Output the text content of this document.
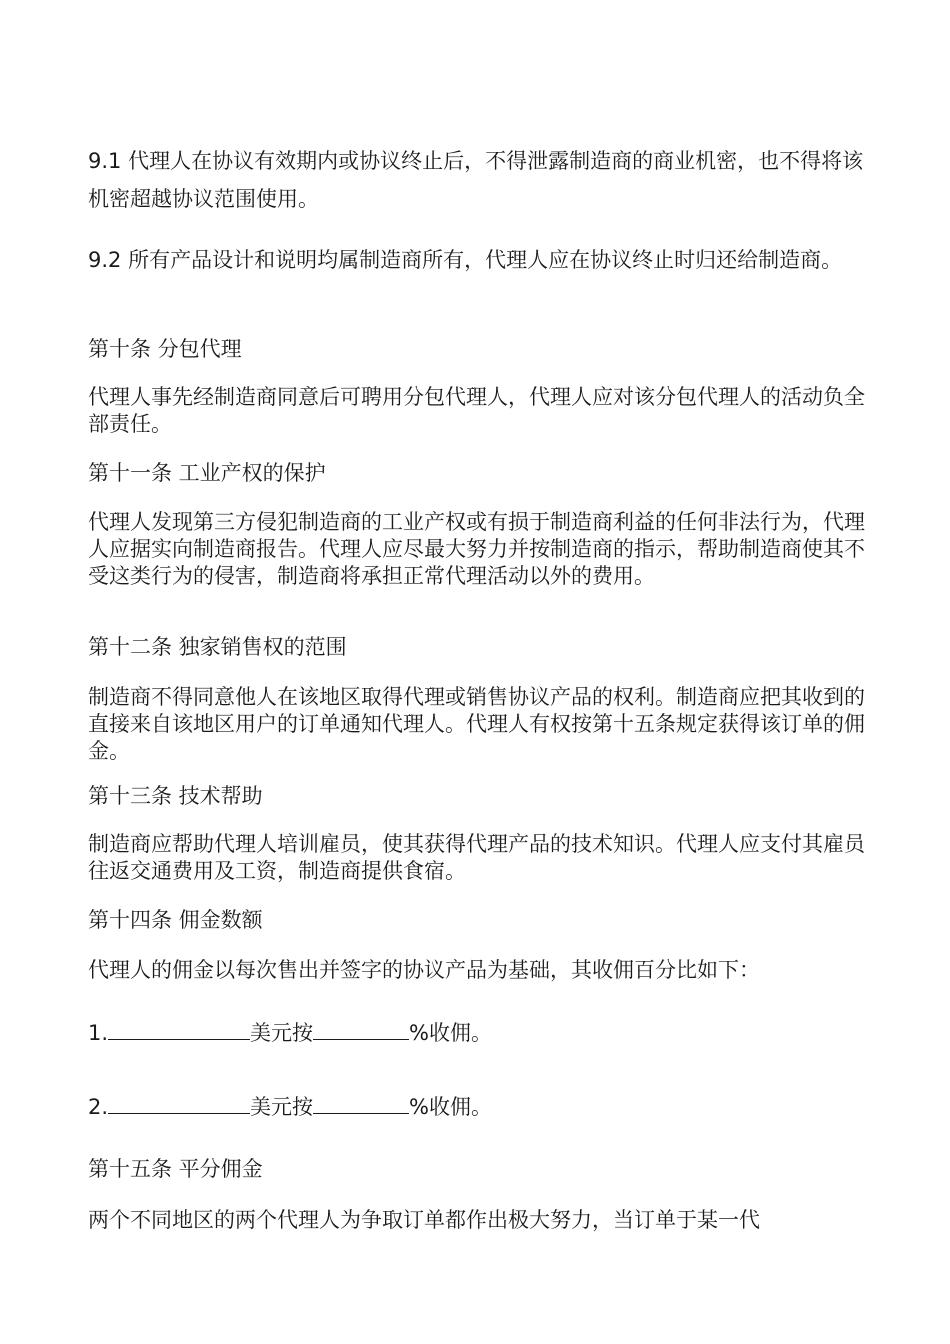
9.1 代理人在协议有效期内或协议终止后，不得泄露制造商的商业机密，也不得将该机密超越协议范围使用。

9.2 所有产品设计和说明均属制造商所有，代理人应在协议终止时归还给制造商。

第十条 分包代理

代理人事先经制造商同意后可聘用分包代理人，代理人应对该分包代理人的活动负全部责任。

第十一条 工业产权的保护

代理人发现第三方侵犯制造商的工业产权或有损于制造商利益的任何非法行为，代理人应据实向制造商报告。代理人应尽最大努力并按制造商的指示，帮助制造商使其不受这类行为的侵害，制造商将承担正常代理活动以外的费用。

第十二条 独家销售权的范围

制造商不得同意他人在该地区取得代理或销售协议产品的权利。制造商应把其收到的直接来自该地区用户的订单通知代理人。代理人有权按第十五条规定获得该订单的佣金。

第十三条 技术帮助

制造商应帮助代理人培训雇员，使其获得代理产品的技术知识。代理人应支付其雇员往返交通费用及工资，制造商提供食宿。

第十四条 佣金数额

代理人的佣金以每次售出并签字的协议产品为基础，其收佣百分比如下：

1.	美元按	%收佣。

2.	美元按	%收佣。

第十五条 平分佣金

两个不同地区的两个代理人为争取订单都作出极大努力，当订单于某一代
